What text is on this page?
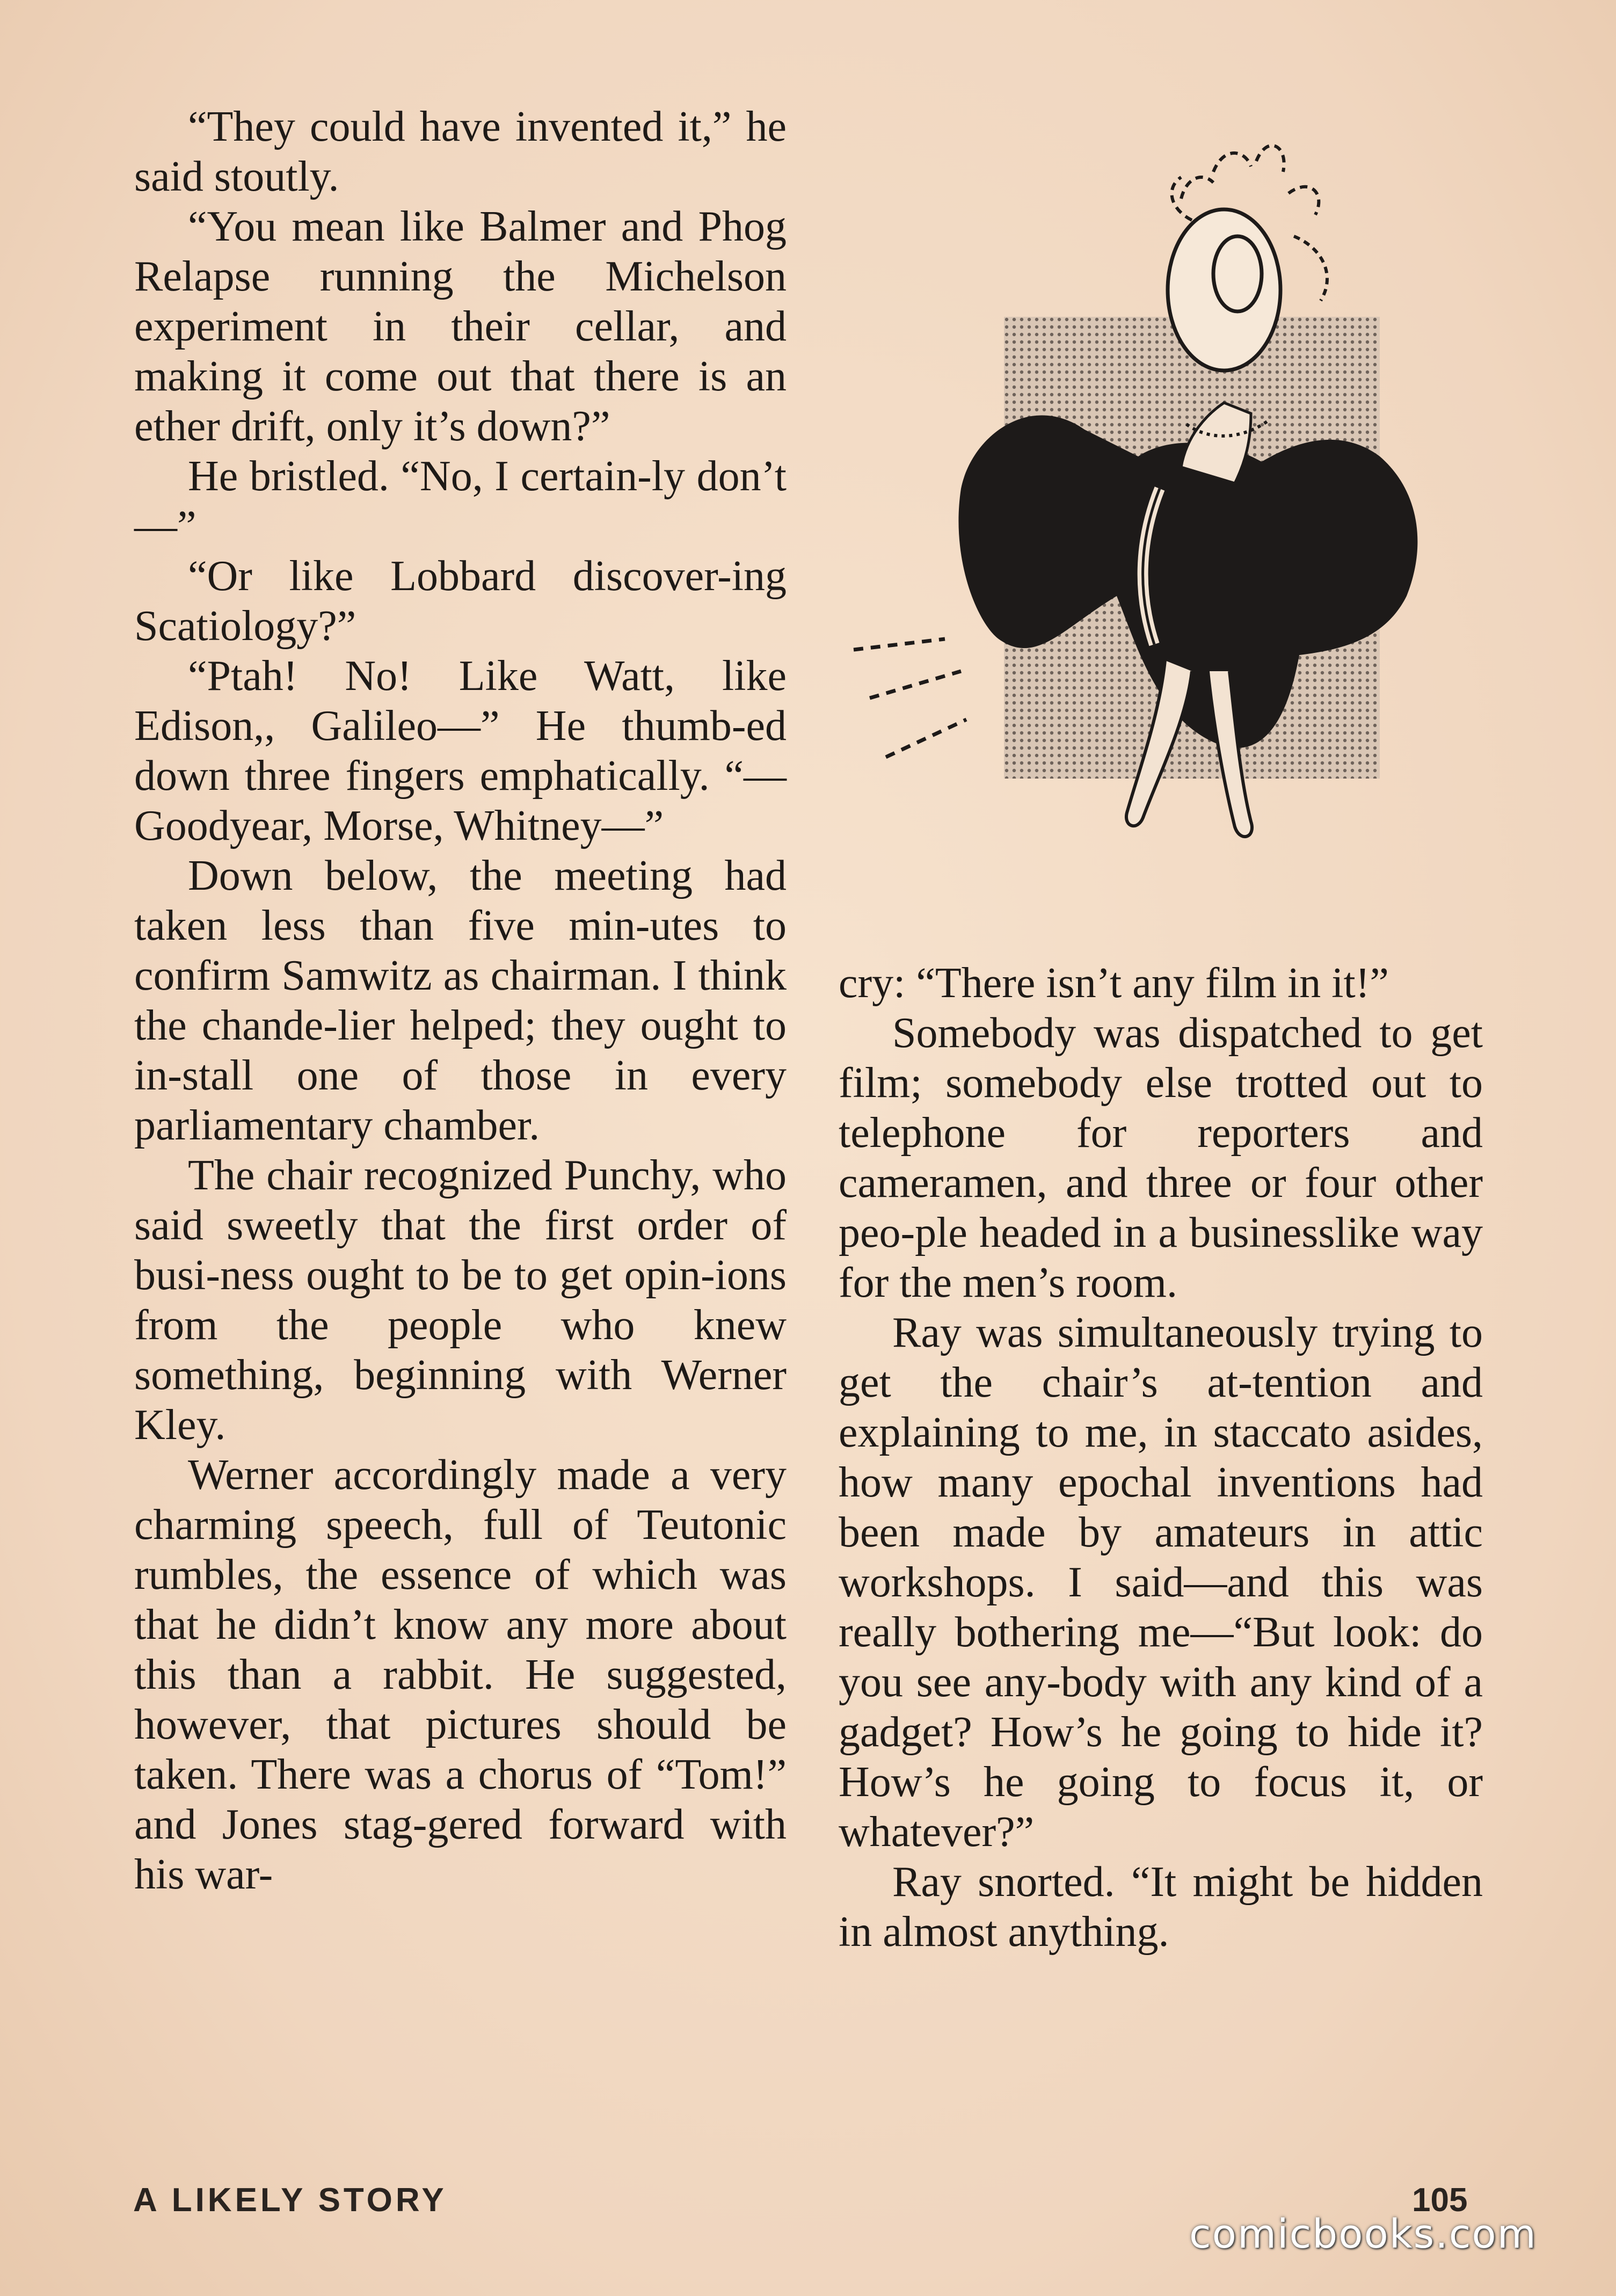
“They could have invented it,” he said stoutly.

“You mean like Balmer and Phog Relapse running the Michelson experiment in their cellar, and making it come out that there is an ether drift, only it’s down?”

He bristled. “No, I certain-ly don’t—”

“Or like Lobbard discover-ing Scatiology?”

“Ptah! No! Like Watt, like Edison,, Galileo—” He thumb-ed down three fingers emphatically. “—Goodyear, Morse, Whitney—”

Down below, the meeting had taken less than five min-utes to confirm Samwitz as chairman. I think the chande-lier helped; they ought to in-stall one of those in every parliamentary chamber.

The chair recognized Punchy, who said sweetly that the first order of busi-ness ought to be to get opin-ions from the people who knew something, beginning with Werner Kley.

Werner accordingly made a very charming speech, full of Teutonic rumbles, the essence of which was that he didn’t know any more about this than a rabbit. He suggested, however, that pictures should be taken. There was a chorus of “Tom!” and Jones stag-gered forward with his war-

cry: “There isn’t any film in it!”

Somebody was dispatched to get film; somebody else trotted out to telephone for reporters and cameramen, and three or four other peo-ple headed in a businesslike way for the men’s room.

Ray was simultaneously trying to get the chair’s at-tention and explaining to me, in staccato asides, how many epochal inventions had been made by amateurs in attic workshops. I said—and this was really bothering me—“But look: do you see any-body with any kind of a gadget? How’s he going to hide it? How’s he going to focus it, or whatever?”

Ray snorted. “It might be hidden in almost anything.

A LIKELY STORY	105
comicbooks.com
